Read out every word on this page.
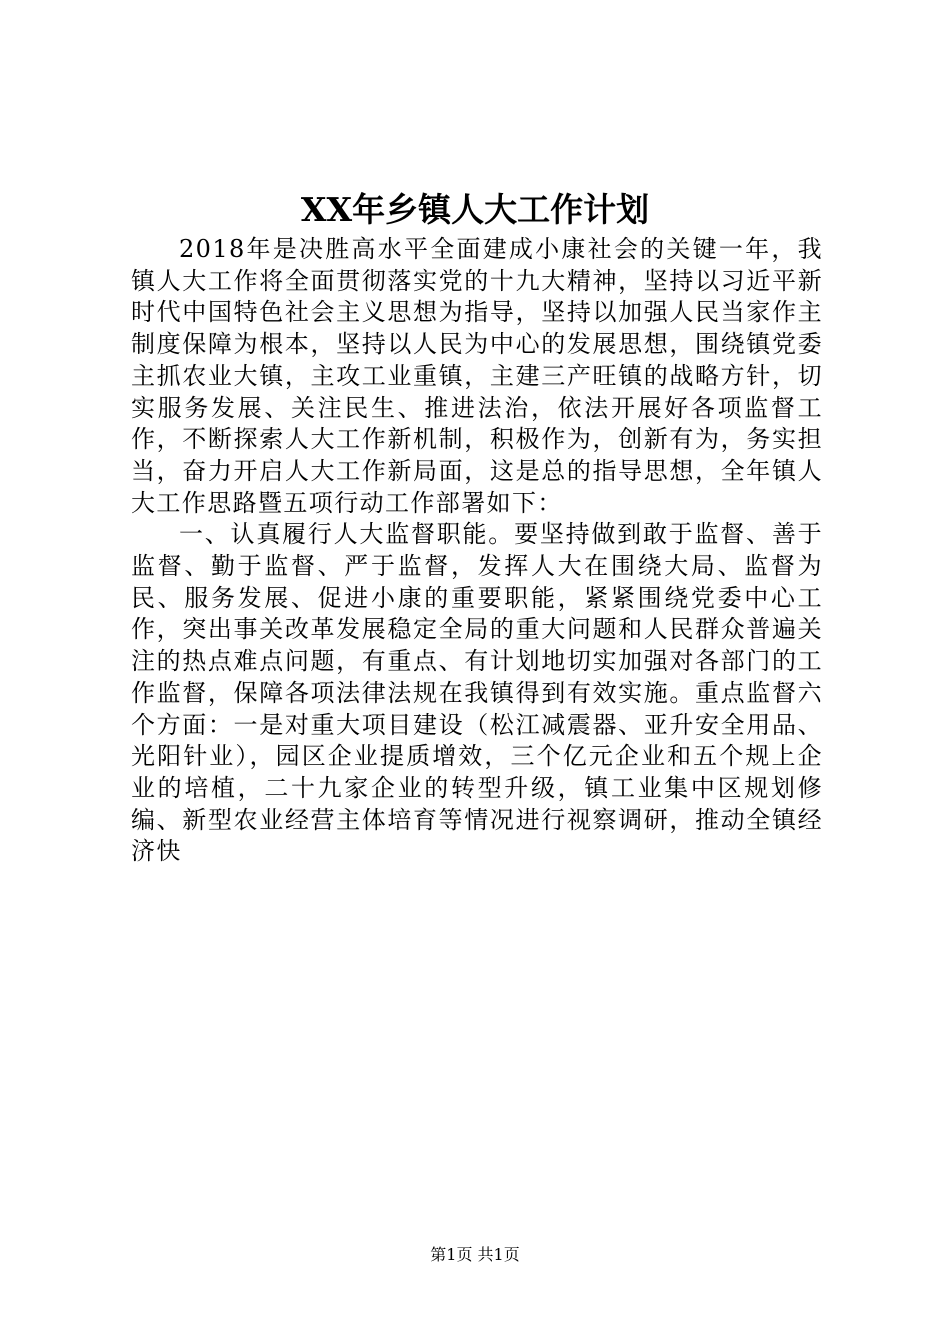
XX年乡镇人大工作计划

2018年是决胜高水平全面建成小康社会的关键一年，我镇人大工作将全面贯彻落实党的十九大精神，坚持以习近平新时代中国特色社会主义思想为指导，坚持以加强人民当家作主制度保障为根本，坚持以人民为中心的发展思想，围绕镇党委主抓农业大镇，主攻工业重镇，主建三产旺镇的战略方针，切实服务发展、关注民生、推进法治，依法开展好各项监督工作，不断探索人大工作新机制，积极作为，创新有为，务实担当，奋力开启人大工作新局面，这是总的指导思想，全年镇人大工作思路暨五项行动工作部署如下：

一、认真履行人大监督职能。要坚持做到敢于监督、善于监督、勤于监督、严于监督，发挥人大在围绕大局、监督为民、服务发展、促进小康的重要职能，紧紧围绕党委中心工作，突出事关改革发展稳定全局的重大问题和人民群众普遍关注的热点难点问题，有重点、有计划地切实加强对各部门的工作监督，保障各项法律法规在我镇得到有效实施。重点监督六个方面：一是对重大项目建设（松江减震器、亚升安全用品、光阳针业），园区企业提质增效，三个亿元企业和五个规上企业的培植，二十九家企业的转型升级，镇工业集中区规划修编、新型农业经营主体培育等情况进行视察调研，推动全镇经济快

第1页 共1页
